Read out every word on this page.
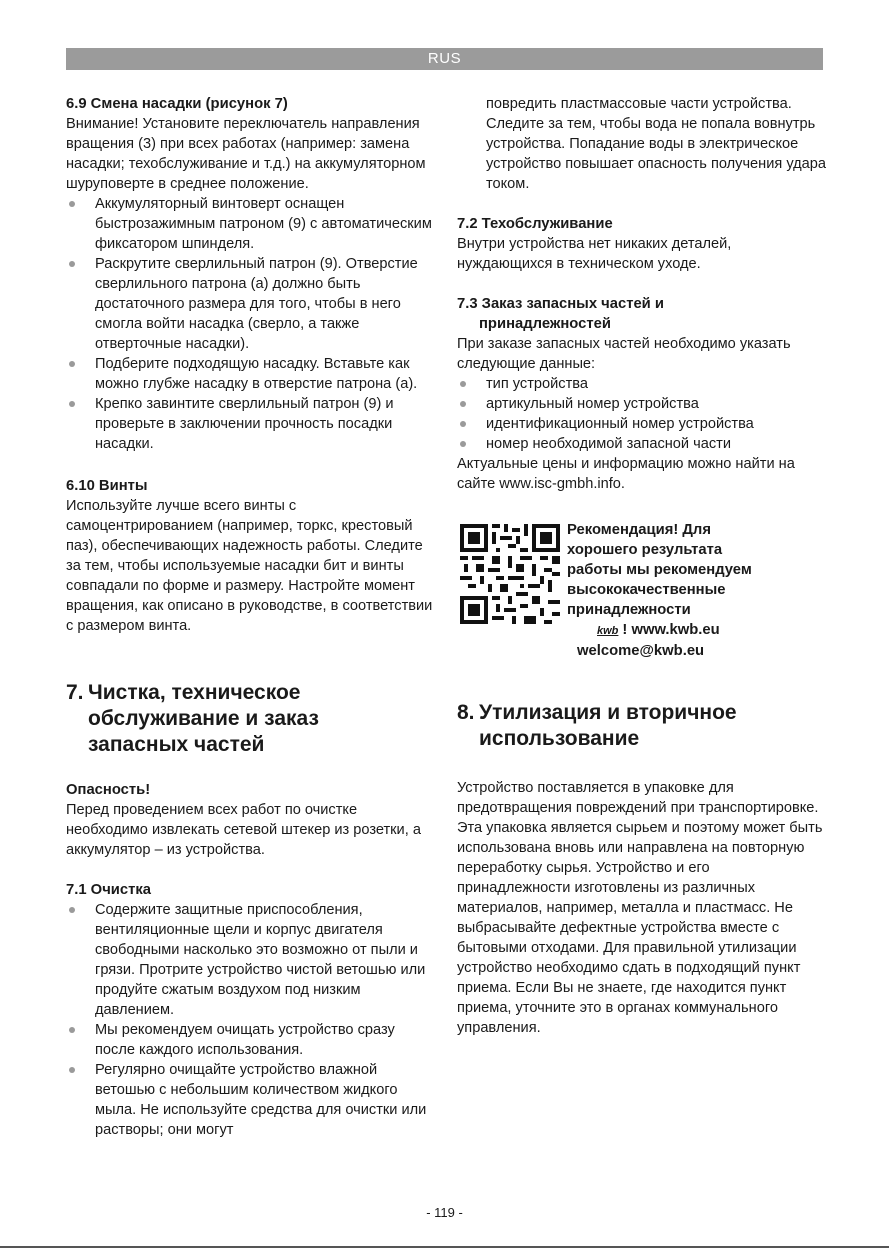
RUS
6.9 Смена насадки (рисунок 7)

Внимание! Установите переключатель направления вращения (3) при всех работах (например: замена насадки; техобслуживание и т.д.) на аккумуляторном шуруповерте в среднее положение.

Аккумуляторный винтоверт оснащен быстрозажимным патроном (9) с автоматическим фиксатором шпинделя.
Раскрутите сверлильный патрон (9). Отверстие сверлильного патрона (а) должно быть достаточного размера для того, чтобы в него смогла войти насадка (сверло, а также отверточные насадки).
Подберите подходящую насадку. Вставьте как можно глубже насадку в отверстие патрона (а).
Крепко завинтите сверлильный патрон (9) и проверьте в заключении прочность посадки насадки.
6.10 Винты

Используйте лучше всего винты с самоцентрированием (например, торкс, крестовый паз), обеспечивающих надежность работы. Следите за тем, чтобы используемые насадки бит и винты совпадали по форме и размеру. Настройте момент вращения, как описано в руководстве, в соответствии с размером винта.

7. Чистка, техническое
обслуживание и заказ
запасных частей
Опасность!

Перед проведением всех работ по очистке необходимо извлекать сетевой штекер из розетки, а аккумулятор – из устройства.

7.1 Очистка
Содержите защитные приспособления, вентиляционные щели и корпус двигателя свободными насколько это возможно от пыли и грязи. Протрите устройство чистой ветошью или продуйте сжатым воздухом под низким давлением.
Мы рекомендуем очищать устройство сразу после каждого использования.
Регулярно очищайте устройство влажной ветошью с небольшим количеством жидкого мыла. Не используйте средства для очистки или растворы; они могут

повредить пластмассовые части устройства. Следите за тем, чтобы вода не попала вовнутрь устройства. Попадание воды в электрическое устройство повышает опасность получения удара током.

7.2 Техобслуживание

Внутри устройства нет никаких деталей, нуждающихся в техническом уходе.

7.3 Заказ запасных частей и
принадлежностей

При заказе запасных частей необходимо указать следующие данные:

тип устройства
артикульный номер устройства
идентификационный номер устройства
номер необходимой запасной части

Актуальные цены и информацию можно найти на сайте www.isc-gmbh.info.

Рекомендация! Для
хорошего результата
работы мы рекомендуем
высококачественные
принадлежности
kwb ! www.kwb.eu
welcome@kwb.eu
8. Утилизация и вторичное
использование

Устройство поставляется в упаковке для предотвращения повреждений при транспортировке. Эта упаковка является сырьем и поэтому может быть использована вновь или направлена на повторную переработку сырья. Устройство и его принадлежности изготовлены из различных материалов, например, металла и пластмасс. Не выбрасывайте дефектные устройства вместе с бытовыми отходами. Для правильной утилизации устройство необходимо сдать в подходящий пункт приема. Если Вы не знаете, где находится пункт приема, уточните это в органах коммунального управления.

- 119 -
